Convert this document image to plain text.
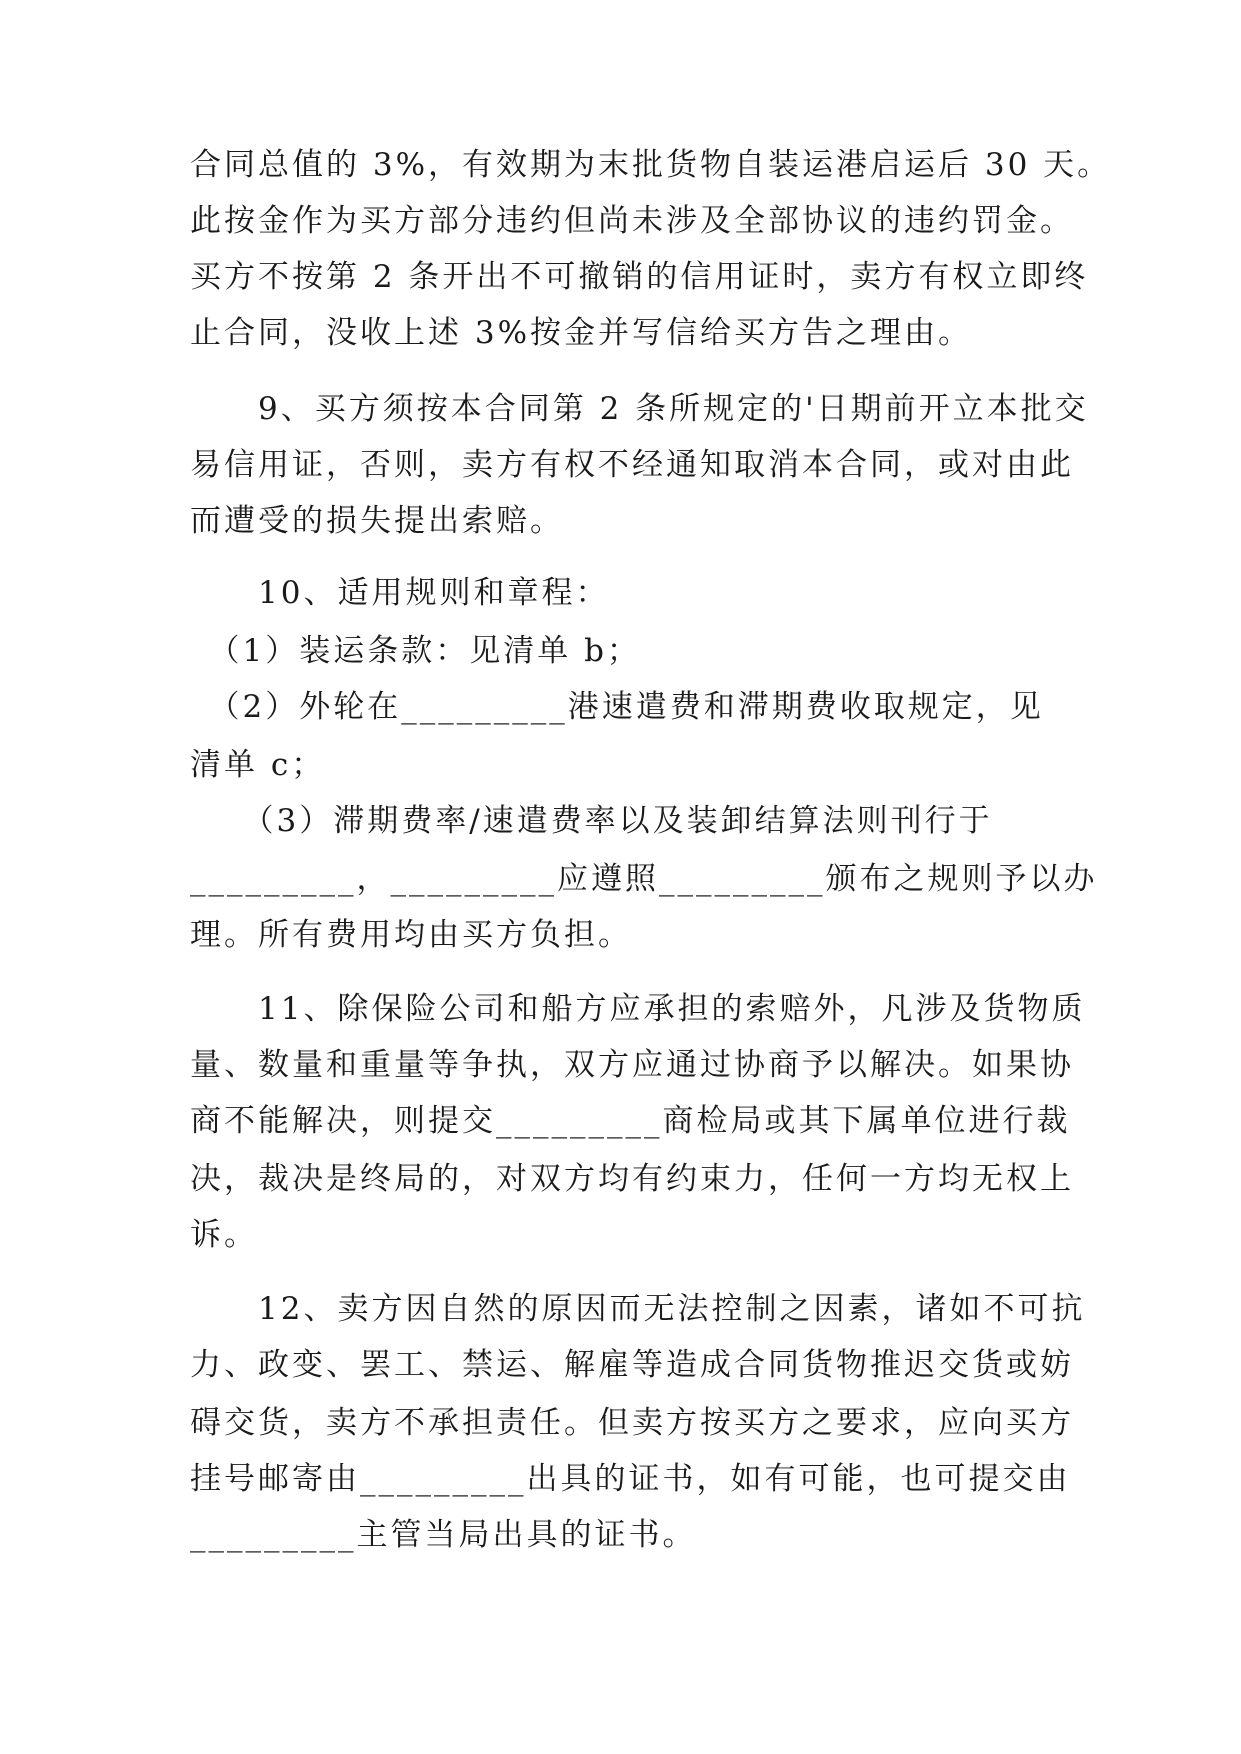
合同总值的 3%，有效期为末批货物自装运港启运后 30 天。
此按金作为买方部分违约但尚未涉及全部协议的违约罚金。
买方不按第 2 条开出不可撤销的信用证时，卖方有权立即终
止合同，没收上述 3%按金并写信给买方告之理由。
　　9、买方须按本合同第 2 条所规定的'日期前开立本批交
易信用证，否则，卖方有权不经通知取消本合同，或对由此
而遭受的损失提出索赔。
　　10、适用规则和章程：
　（1）装运条款：见清单 b；
　（2）外轮在_________港速遣费和滞期费收取规定，见
清单 c；
　　（3）滞期费率/速遣费率以及装卸结算法则刊行于
_________，_________应遵照_________颁布之规则予以办
理。所有费用均由买方负担。
　　11、除保险公司和船方应承担的索赔外，凡涉及货物质
量、数量和重量等争执，双方应通过协商予以解决。如果协
商不能解决，则提交_________商检局或其下属单位进行裁
决，裁决是终局的，对双方均有约束力，任何一方均无权上
诉。
　　12、卖方因自然的原因而无法控制之因素，诸如不可抗
力、政变、罢工、禁运、解雇等造成合同货物推迟交货或妨
碍交货，卖方不承担责任。但卖方按买方之要求，应向买方
挂号邮寄由_________出具的证书，如有可能，也可提交由
_________主管当局出具的证书。
